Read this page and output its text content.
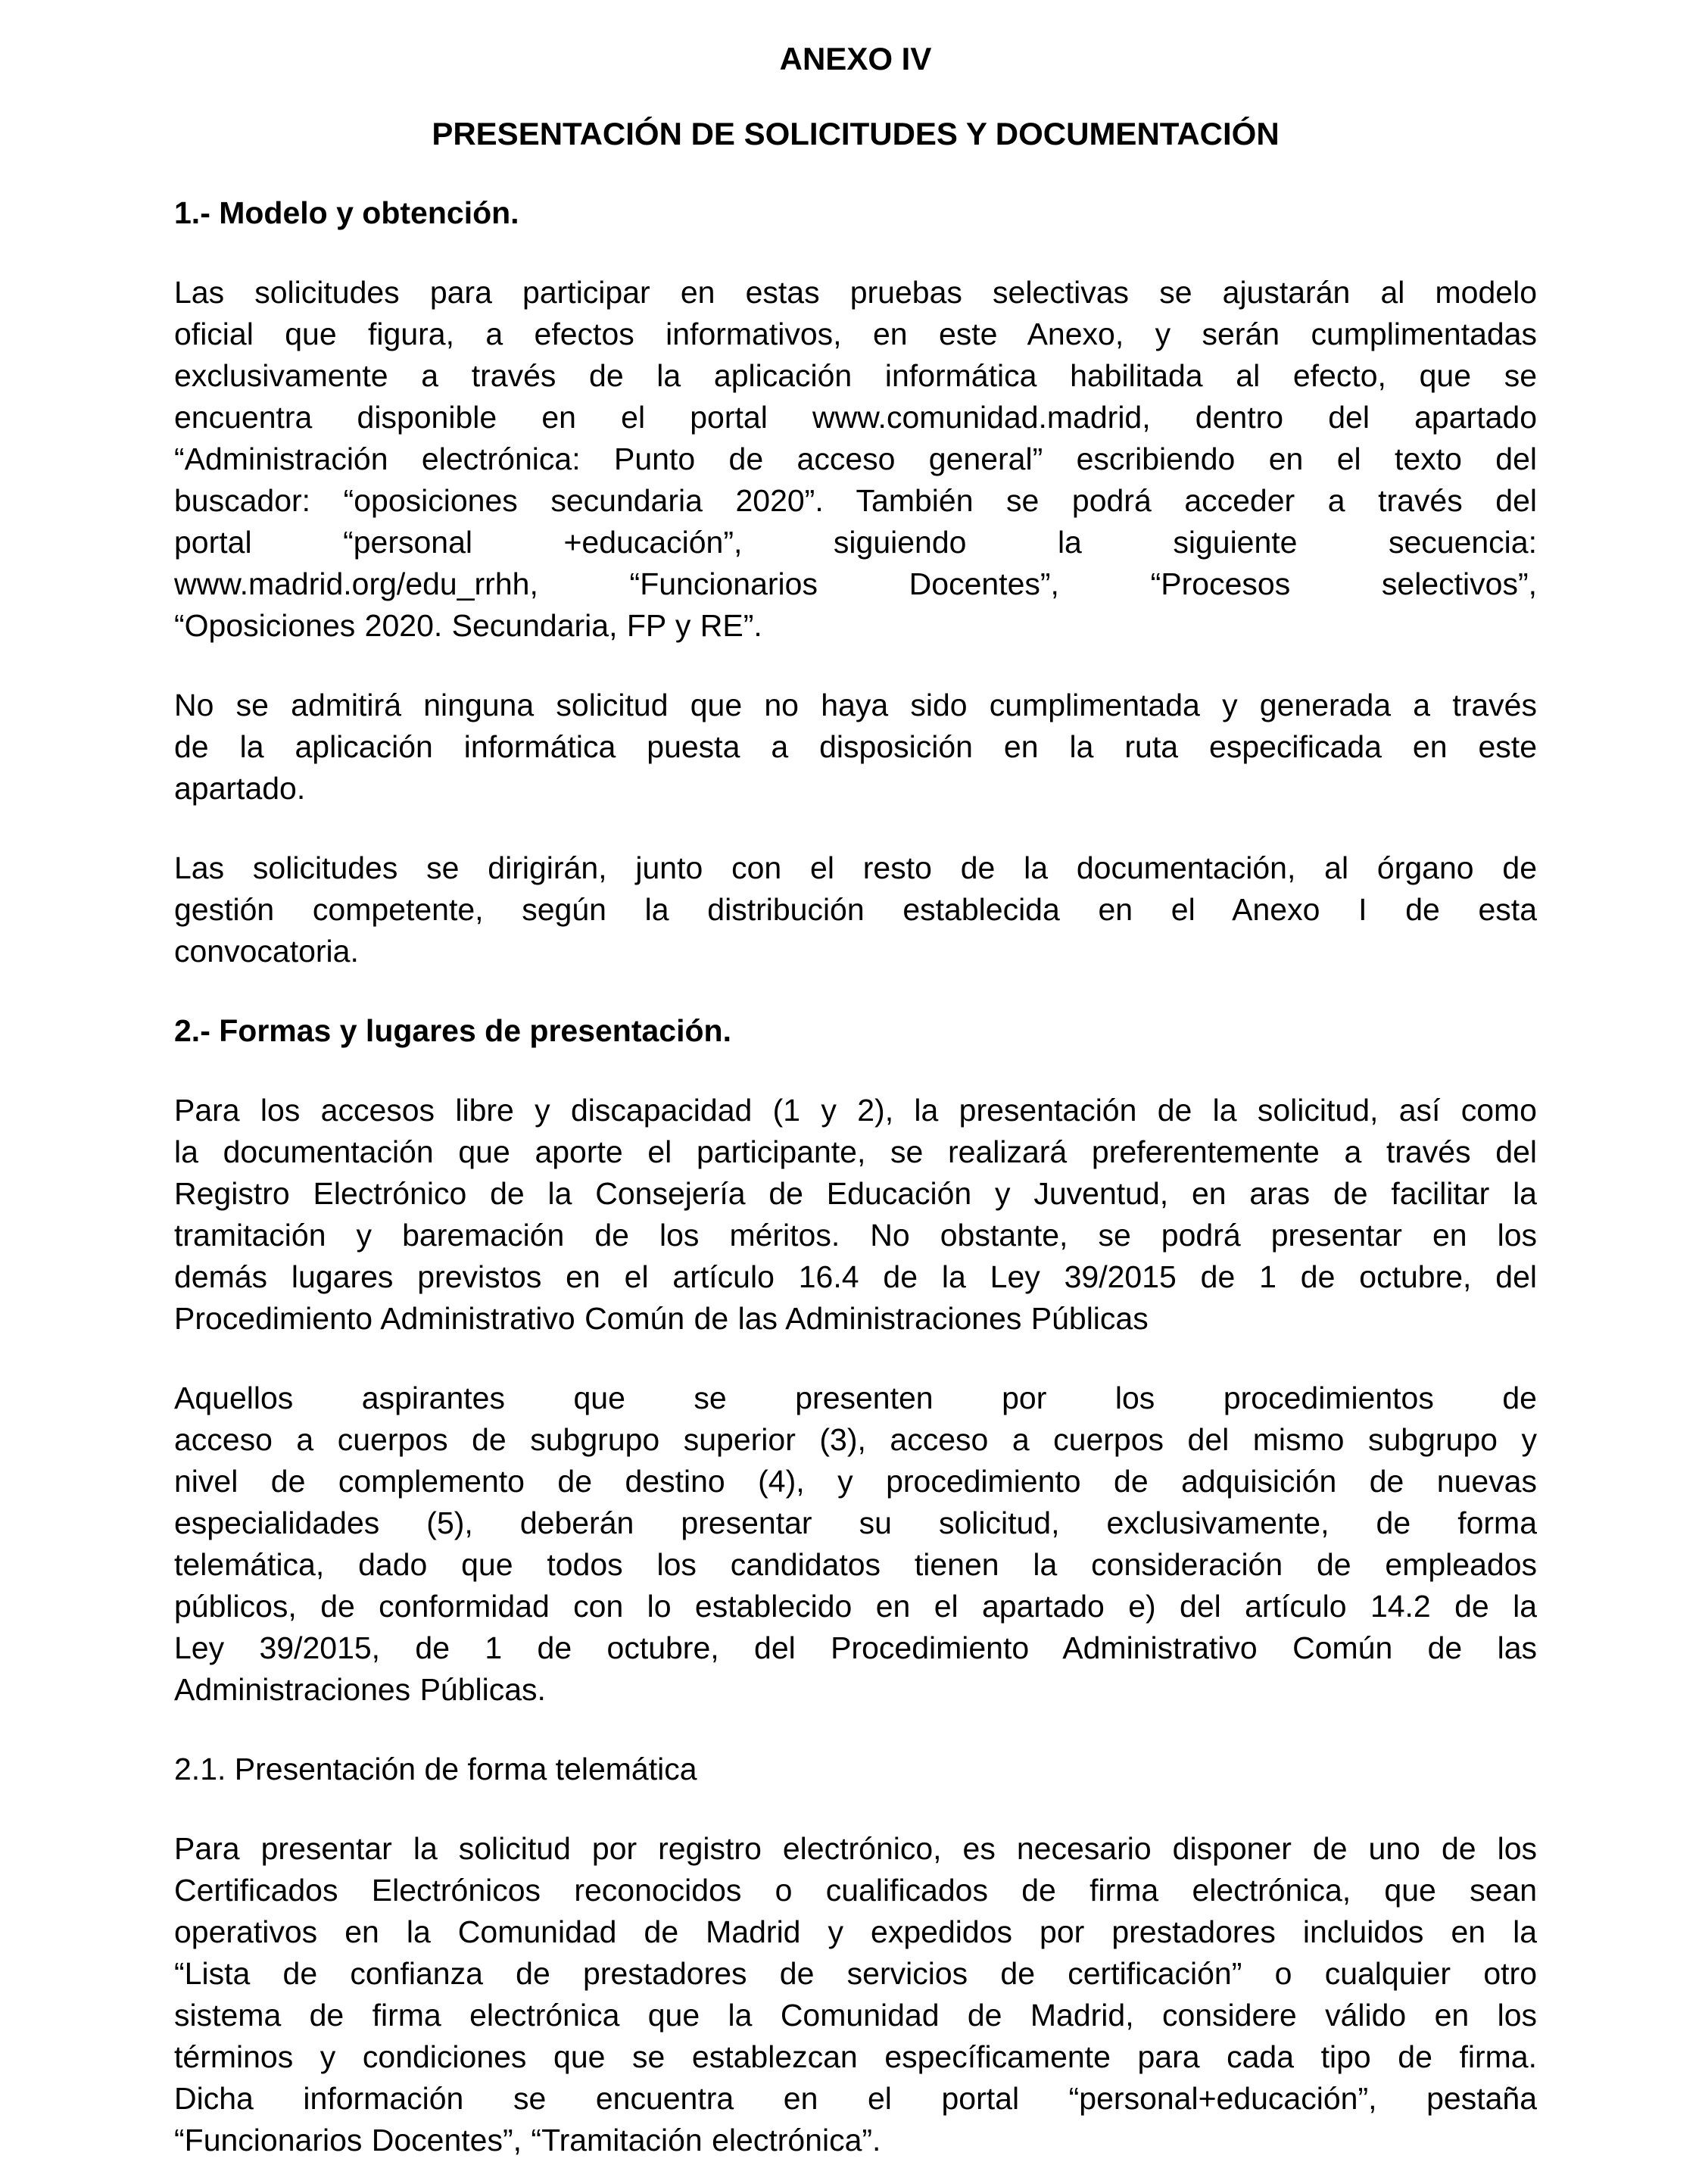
ANEXO IV
PRESENTACIÓN DE SOLICITUDES Y DOCUMENTACIÓN
1.- Modelo y obtención.
Las solicitudes para participar en estas pruebas selectivas se ajustarán al modelo
oficial que figura, a efectos informativos, en este Anexo, y serán cumplimentadas
exclusivamente a través de la aplicación informática habilitada al efecto, que se
encuentra disponible en el portal www.comunidad.madrid, dentro del apartado
“Administración electrónica: Punto de acceso general” escribiendo en el texto del
buscador: “oposiciones secundaria 2020”. También se podrá acceder a través del
portal “personal +educación”, siguiendo la siguiente secuencia:
www.madrid.org/edu_rrhh, “Funcionarios Docentes”, “Procesos selectivos”,
“Oposiciones 2020. Secundaria, FP y RE”.
No se admitirá ninguna solicitud que no haya sido cumplimentada y generada a través
de la aplicación informática puesta a disposición en la ruta especificada en este
apartado.
Las solicitudes se dirigirán, junto con el resto de la documentación, al órgano de
gestión competente, según la distribución establecida en el Anexo I de esta
convocatoria.
2.- Formas y lugares de presentación.
Para los accesos libre y discapacidad (1 y 2), la presentación de la solicitud, así como
la documentación que aporte el participante, se realizará preferentemente a través del
Registro Electrónico de la Consejería de Educación y Juventud, en aras de facilitar la
tramitación y baremación de los méritos. No obstante, se podrá presentar en los
demás lugares previstos en el artículo 16.4 de la Ley 39/2015 de 1 de octubre, del
Procedimiento Administrativo Común de las Administraciones Públicas
Aquellos aspirantes que se presenten por los procedimientos de
acceso a cuerpos de subgrupo superior (3), acceso a cuerpos del mismo subgrupo y
nivel de complemento de destino (4), y procedimiento de adquisición de nuevas
especialidades (5), deberán presentar su solicitud, exclusivamente, de forma
telemática, dado que todos los candidatos tienen la consideración de empleados
públicos, de conformidad con lo establecido en el apartado e) del artículo 14.2 de la
Ley 39/2015, de 1 de octubre, del Procedimiento Administrativo Común de las
Administraciones Públicas.
2.1. Presentación de forma telemática
Para presentar la solicitud por registro electrónico, es necesario disponer de uno de los
Certificados Electrónicos reconocidos o cualificados de firma electrónica, que sean
operativos en la Comunidad de Madrid y expedidos por prestadores incluidos en la
“Lista de confianza de prestadores de servicios de certificación” o cualquier otro
sistema de firma electrónica que la Comunidad de Madrid, considere válido en los
términos y condiciones que se establezcan específicamente para cada tipo de firma.
Dicha información se encuentra en el portal “personal+educación”, pestaña
“Funcionarios Docentes”, “Tramitación electrónica”.
